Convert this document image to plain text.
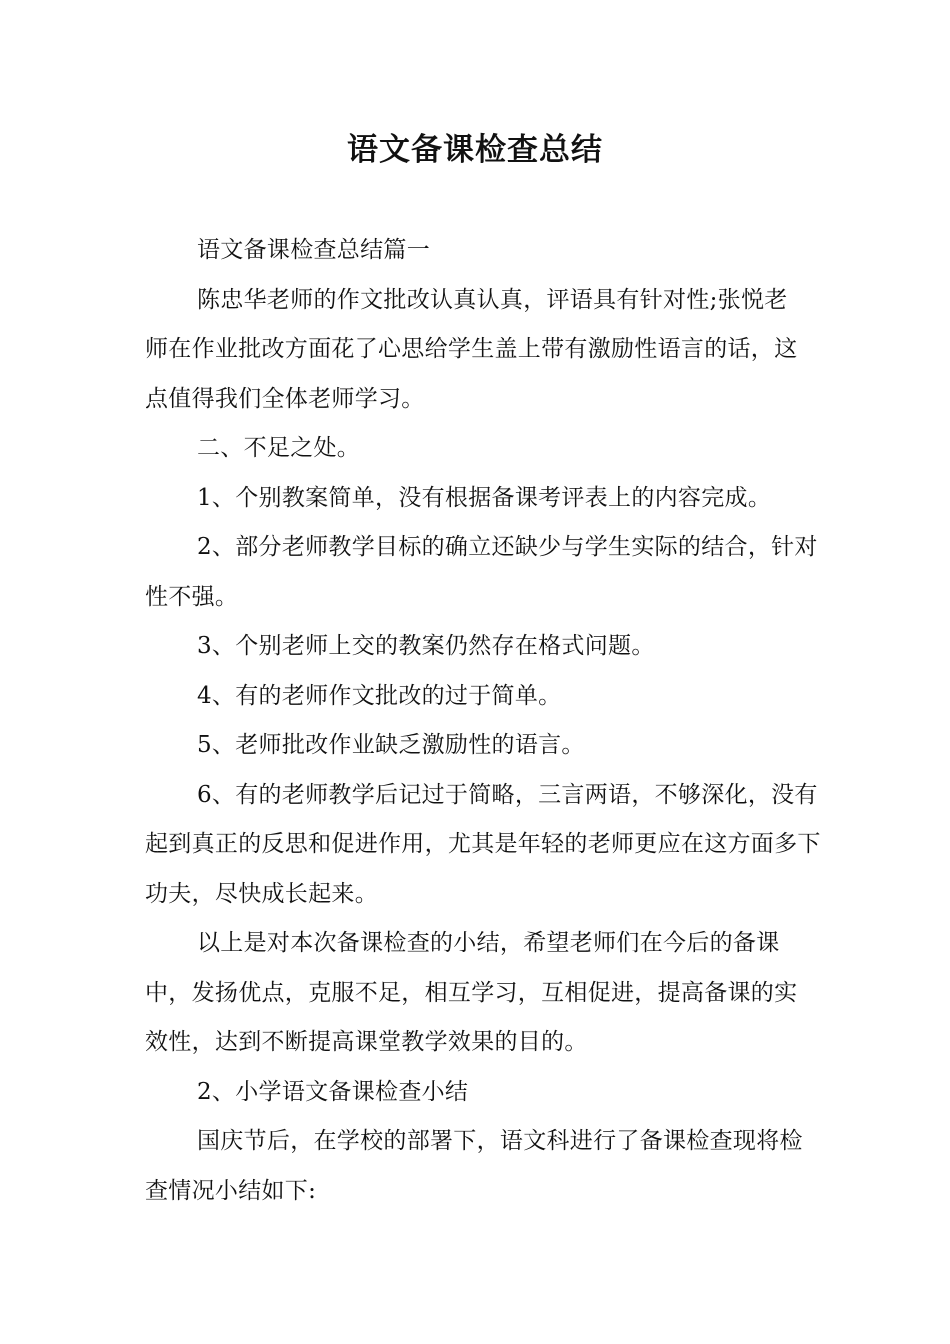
语文备课检查总结

语文备课检查总结篇一

陈忠华老师的作文批改认真认真，评语具有针对性;张悦老师在作业批改方面花了心思给学生盖上带有激励性语言的话，这点值得我们全体老师学习。

二、不足之处。

1、个别教案简单，没有根据备课考评表上的内容完成。

2、部分老师教学目标的确立还缺少与学生实际的结合，针对性不强。

3、个别老师上交的教案仍然存在格式问题。

4、有的老师作文批改的过于简单。

5、老师批改作业缺乏激励性的语言。

6、有的老师教学后记过于简略，三言两语，不够深化，没有起到真正的反思和促进作用，尤其是年轻的老师更应在这方面多下功夫，尽快成长起来。

以上是对本次备课检查的小结，希望老师们在今后的备课中，发扬优点，克服不足，相互学习，互相促进，提高备课的实效性，达到不断提高课堂教学效果的目的。

2、小学语文备课检查小结

国庆节后，在学校的部署下，语文科进行了备课检查现将检查情况小结如下:
